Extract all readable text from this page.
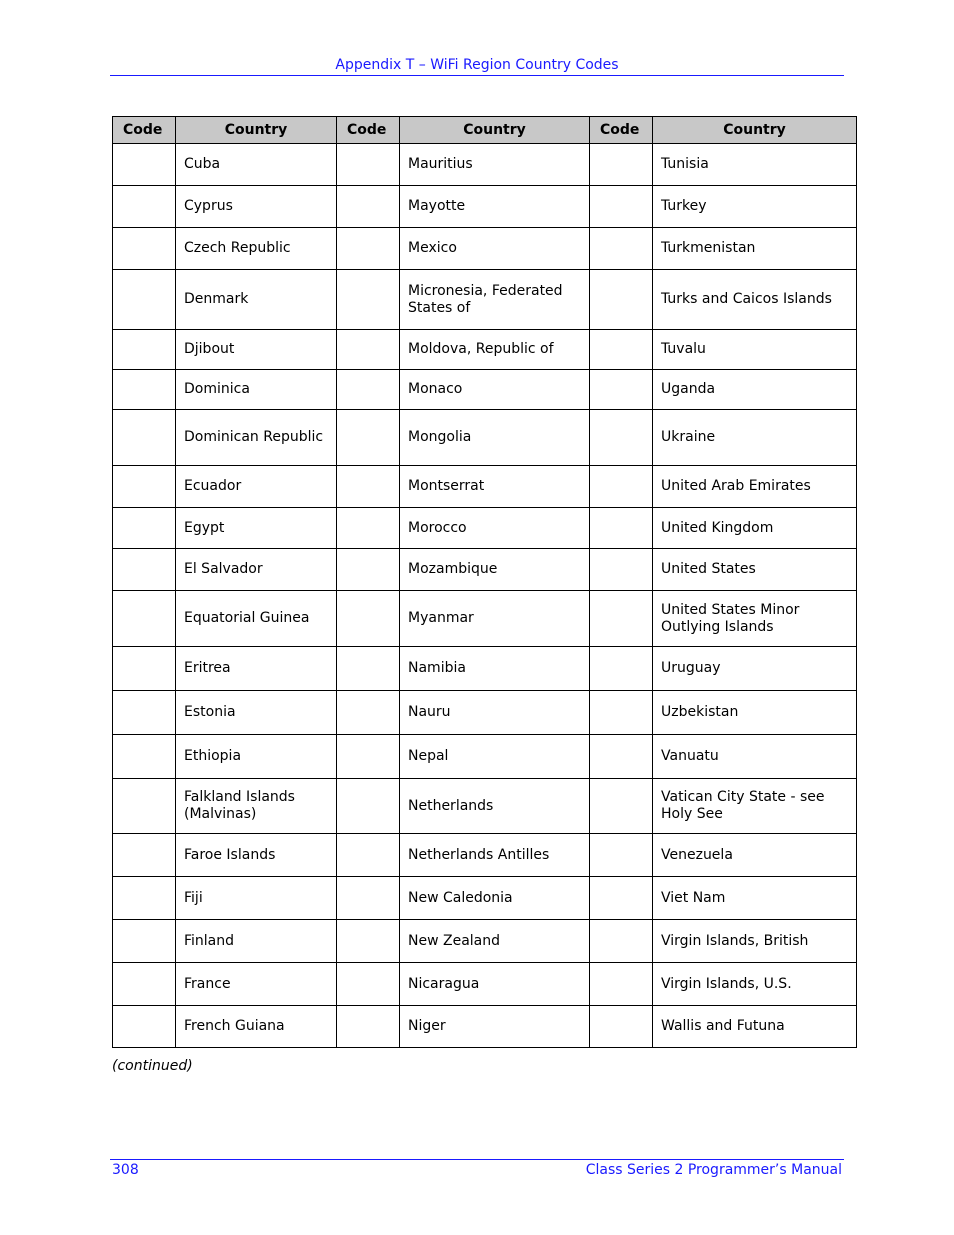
Appendix T – WiFi Region Country Codes
Code	Country	Code	Country	Code	Country
	Cuba		Mauritius		Tunisia
	Cyprus		Mayotte		Turkey
	Czech Republic		Mexico		Turkmenistan
	Denmark		Micronesia, Federated States of		Turks and Caicos Islands
	Djibout		Moldova, Republic of		Tuvalu
	Dominica		Monaco		Uganda
	Dominican Republic		Mongolia		Ukraine
	Ecuador		Montserrat		United Arab Emirates
	Egypt		Morocco		United Kingdom
	El Salvador		Mozambique		United States
	Equatorial Guinea		Myanmar		United States Minor Outlying Islands
	Eritrea		Namibia		Uruguay
	Estonia		Nauru		Uzbekistan
	Ethiopia		Nepal		Vanuatu
	Falkland Islands (Malvinas)		Netherlands		Vatican City State - see Holy See
	Faroe Islands		Netherlands Antilles		Venezuela
	Fiji		New Caledonia		Viet Nam
	Finland		New Zealand		Virgin Islands, British
	France		Nicaragua		Virgin Islands, U.S.
	French Guiana		Niger		Wallis and Futuna
(continued)
308	Class Series 2 Programmer’s Manual
